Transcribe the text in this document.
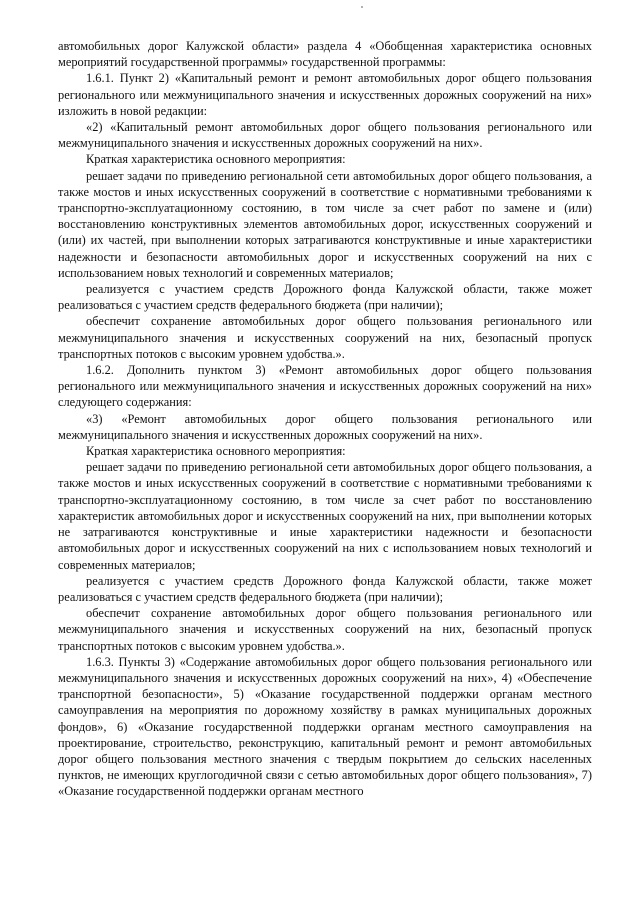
автомобильных дорог Калужской области» раздела 4 «Обобщенная характеристика основных мероприятий государственной программы» государственной программы:

1.6.1. Пункт 2) «Капитальный ремонт и ремонт автомобильных дорог общего пользования регионального или межмуниципального значения и искусственных дорожных сооружений на них» изложить в новой редакции:

«2) «Капитальный ремонт автомобильных дорог общего пользования регионального или межмуниципального значения и искусственных дорожных сооружений на них».

Краткая характеристика основного мероприятия:

решает задачи по приведению региональной сети автомобильных дорог общего пользования, а также мостов и иных искусственных сооружений в соответствие с нормативными требованиями к транспортно-эксплуатационному состоянию, в том числе за счет работ по замене и (или) восстановлению конструктивных элементов автомобильных дорог, искусственных сооружений и (или) их частей, при выполнении которых затрагиваются конструктивные и иные характеристики надежности и безопасности автомобильных дорог и искусственных сооружений на них с использованием новых технологий и современных материалов;

реализуется с участием средств Дорожного фонда Калужской области, также может реализоваться с участием средств федерального бюджета (при наличии);

обеспечит сохранение автомобильных дорог общего пользования регионального или межмуниципального значения и искусственных сооружений на них, безопасный пропуск транспортных потоков с высоким уровнем удобства.».

1.6.2. Дополнить пунктом 3) «Ремонт автомобильных дорог общего пользования регионального или межмуниципального значения и искусственных дорожных сооружений на них» следующего содержания:

«3) «Ремонт автомобильных дорог общего пользования регионального или межмуниципального значения и искусственных дорожных сооружений на них».

Краткая характеристика основного мероприятия:

решает задачи по приведению региональной сети автомобильных дорог общего пользования, а также мостов и иных искусственных сооружений в соответствие с нормативными требованиями к транспортно-эксплуатационному состоянию, в том числе за счет работ по восстановлению характеристик автомобильных дорог и искусственных сооружений на них, при выполнении которых не затрагиваются конструктивные и иные характеристики надежности и безопасности автомобильных дорог и искусственных сооружений на них с использованием новых технологий и современных материалов;

реализуется с участием средств Дорожного фонда Калужской области, также может реализоваться с участием средств федерального бюджета (при наличии);

обеспечит сохранение автомобильных дорог общего пользования регионального или межмуниципального значения и искусственных сооружений на них, безопасный пропуск транспортных потоков с высоким уровнем удобства.».

1.6.3. Пункты 3) «Содержание автомобильных дорог общего пользования регионального или межмуниципального значения и искусственных дорожных сооружений на них», 4) «Обеспечение транспортной безопасности», 5) «Оказание государственной поддержки органам местного самоуправления на мероприятия по дорожному хозяйству в рамках муниципальных дорожных фондов», 6) «Оказание государственной поддержки органам местного самоуправления на проектирование, строительство, реконструкцию, капитальный ремонт и ремонт автомобильных дорог общего пользования местного значения с твердым покрытием до сельских населенных пунктов, не имеющих круглогодичной связи с сетью автомобильных дорог общего пользования», 7) «Оказание государственной поддержки органам местного
